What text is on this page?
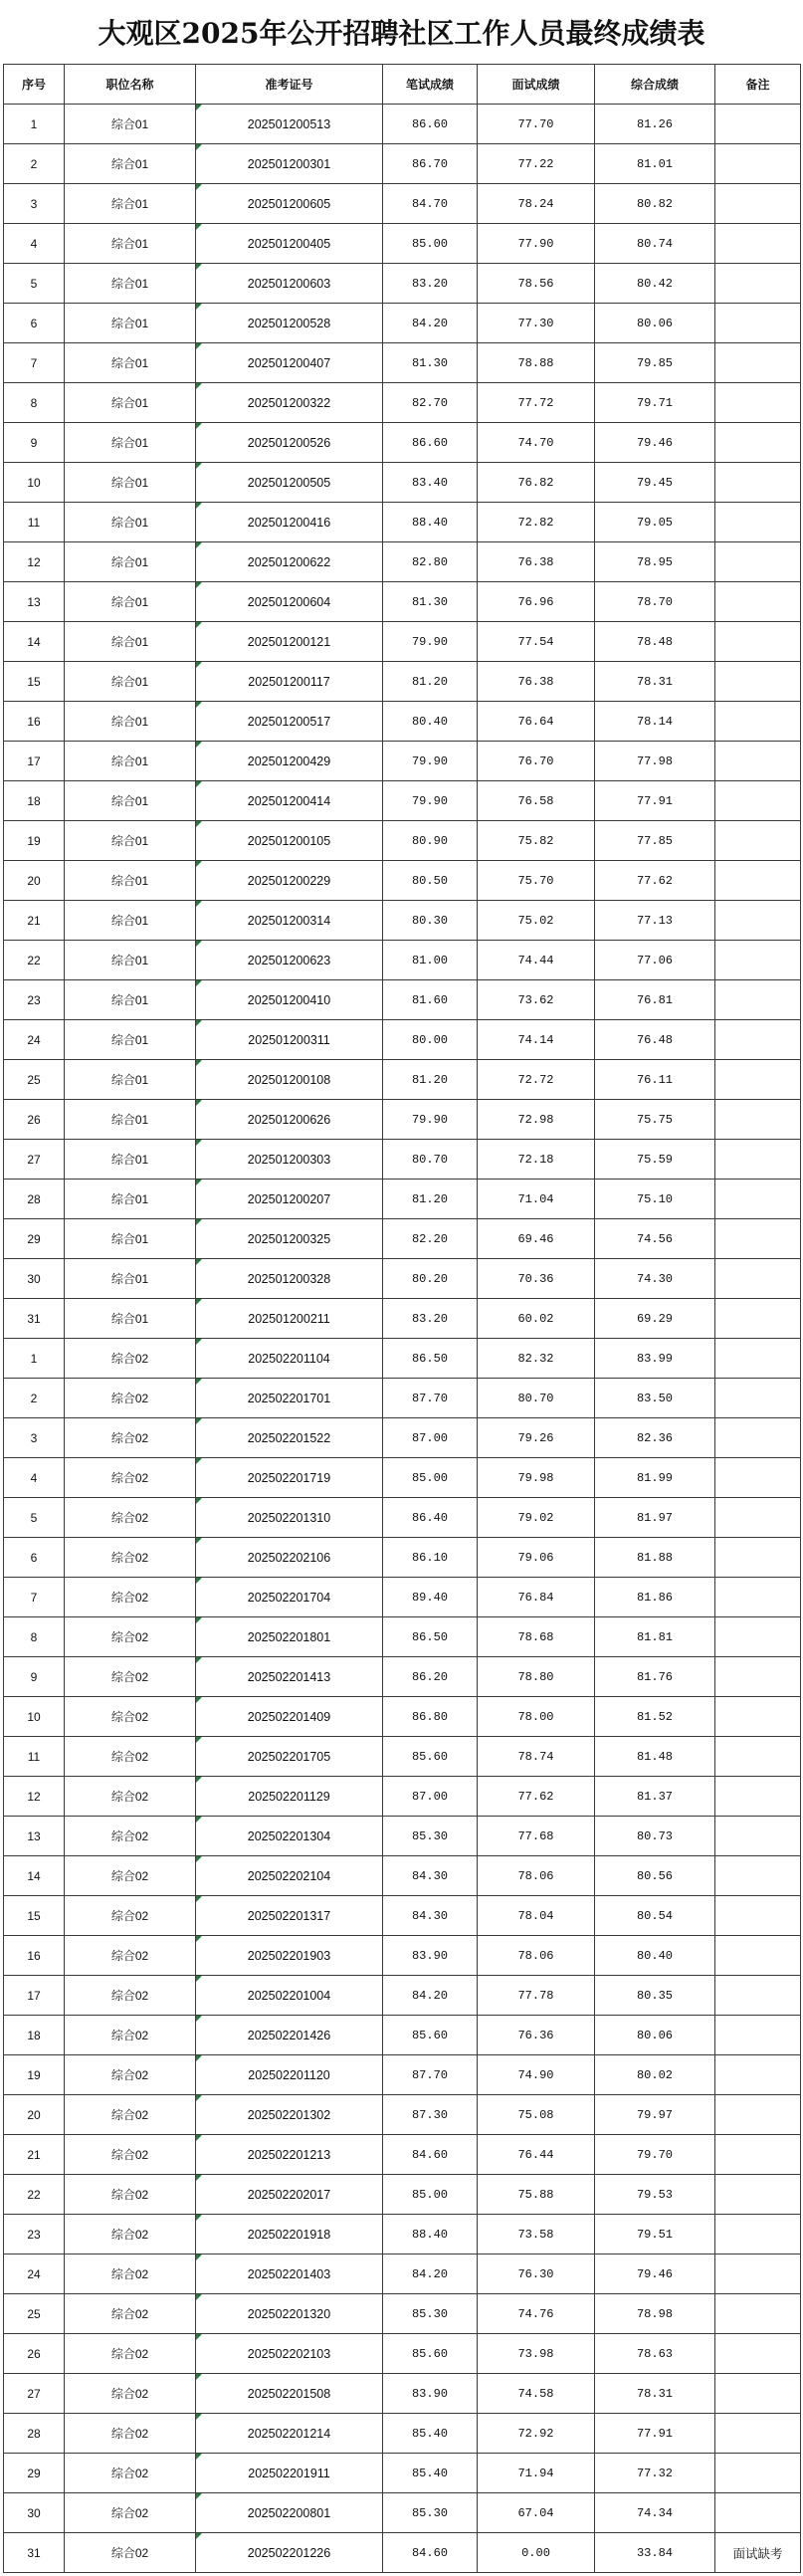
大观区2025年公开招聘社区工作人员最终成绩表
序号	职位名称	准考证号	笔试成绩	面试成绩	综合成绩	备注
1	综合01	202501200513	86.60	77.70	81.26
2	综合01	202501200301	86.70	77.22	81.01
3	综合01	202501200605	84.70	78.24	80.82
4	综合01	202501200405	85.00	77.90	80.74
5	综合01	202501200603	83.20	78.56	80.42
6	综合01	202501200528	84.20	77.30	80.06
7	综合01	202501200407	81.30	78.88	79.85
8	综合01	202501200322	82.70	77.72	79.71
9	综合01	202501200526	86.60	74.70	79.46
10	综合01	202501200505	83.40	76.82	79.45
11	综合01	202501200416	88.40	72.82	79.05
12	综合01	202501200622	82.80	76.38	78.95
13	综合01	202501200604	81.30	76.96	78.70
14	综合01	202501200121	79.90	77.54	78.48
15	综合01	202501200117	81.20	76.38	78.31
16	综合01	202501200517	80.40	76.64	78.14
17	综合01	202501200429	79.90	76.70	77.98
18	综合01	202501200414	79.90	76.58	77.91
19	综合01	202501200105	80.90	75.82	77.85
20	综合01	202501200229	80.50	75.70	77.62
21	综合01	202501200314	80.30	75.02	77.13
22	综合01	202501200623	81.00	74.44	77.06
23	综合01	202501200410	81.60	73.62	76.81
24	综合01	202501200311	80.00	74.14	76.48
25	综合01	202501200108	81.20	72.72	76.11
26	综合01	202501200626	79.90	72.98	75.75
27	综合01	202501200303	80.70	72.18	75.59
28	综合01	202501200207	81.20	71.04	75.10
29	综合01	202501200325	82.20	69.46	74.56
30	综合01	202501200328	80.20	70.36	74.30
31	综合01	202501200211	83.20	60.02	69.29
1	综合02	202502201104	86.50	82.32	83.99
2	综合02	202502201701	87.70	80.70	83.50
3	综合02	202502201522	87.00	79.26	82.36
4	综合02	202502201719	85.00	79.98	81.99
5	综合02	202502201310	86.40	79.02	81.97
6	综合02	202502202106	86.10	79.06	81.88
7	综合02	202502201704	89.40	76.84	81.86
8	综合02	202502201801	86.50	78.68	81.81
9	综合02	202502201413	86.20	78.80	81.76
10	综合02	202502201409	86.80	78.00	81.52
11	综合02	202502201705	85.60	78.74	81.48
12	综合02	202502201129	87.00	77.62	81.37
13	综合02	202502201304	85.30	77.68	80.73
14	综合02	202502202104	84.30	78.06	80.56
15	综合02	202502201317	84.30	78.04	80.54
16	综合02	202502201903	83.90	78.06	80.40
17	综合02	202502201004	84.20	77.78	80.35
18	综合02	202502201426	85.60	76.36	80.06
19	综合02	202502201120	87.70	74.90	80.02
20	综合02	202502201302	87.30	75.08	79.97
21	综合02	202502201213	84.60	76.44	79.70
22	综合02	202502202017	85.00	75.88	79.53
23	综合02	202502201918	88.40	73.58	79.51
24	综合02	202502201403	84.20	76.30	79.46
25	综合02	202502201320	85.30	74.76	78.98
26	综合02	202502202103	85.60	73.98	78.63
27	综合02	202502201508	83.90	74.58	78.31
28	综合02	202502201214	85.40	72.92	77.91
29	综合02	202502201911	85.40	71.94	77.32
30	综合02	202502200801	85.30	67.04	74.34
31	综合02	202502201226	84.60	0.00	33.84	面试缺考
